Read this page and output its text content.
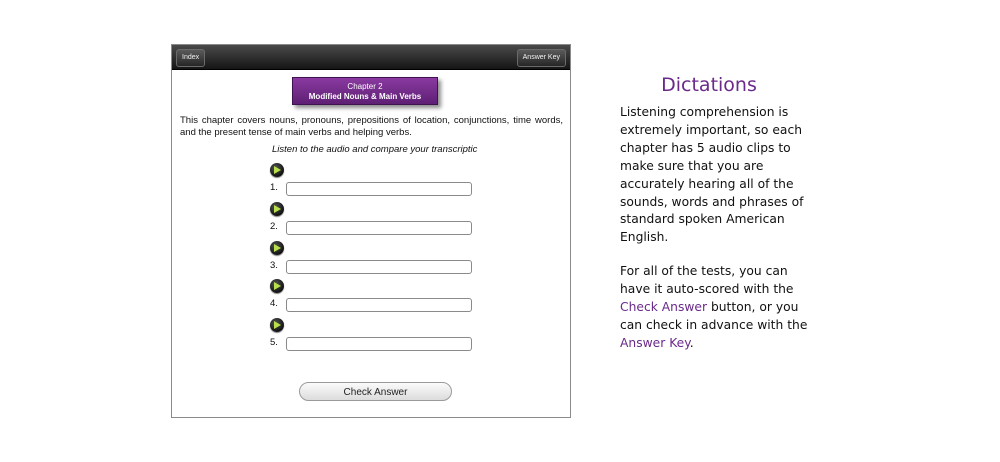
Index	Answer Key
Chapter 2
Modified Nouns & Main Verbs
This chapter covers nouns, pronouns, prepositions of location, conjunctions, time words, and the present tense of main verbs and helping verbs.
Listen to the audio and compare your transcriptic
1.
2.
3.
4.
5.
Check Answer
Dictations
Listening comprehension is extremely important, so each chapter has 5 audio clips to make sure that you are accurately hearing all of the sounds, words and phrases of standard spoken American English.
For all of the tests, you can have it auto-scored with the Check Answer button, or you can check in advance with the Answer Key.
